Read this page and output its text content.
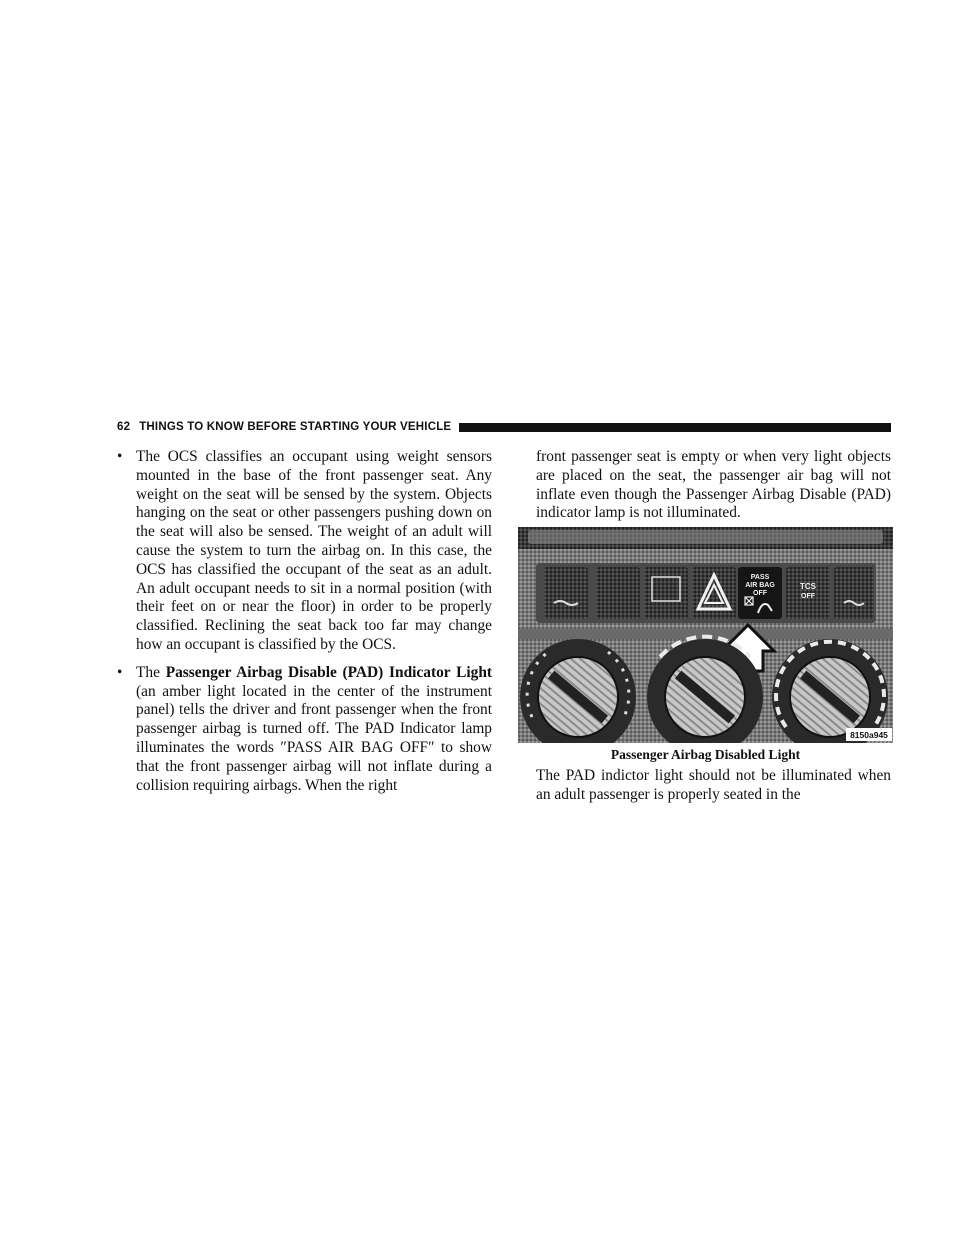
62 THINGS TO KNOW BEFORE STARTING YOUR VEHICLE
• The OCS classifies an occupant using weight sensors mounted in the base of the front passenger seat. Any weight on the seat will be sensed by the system. Objects hanging on the seat or other passengers pushing down on the seat will also be sensed. The weight of an adult will cause the system to turn the airbag on. In this case, the OCS has classified the occupant of the seat as an adult. An adult occupant needs to sit in a normal position (with their feet on or near the floor) in order to be properly classified. Reclining the seat back too far may change how an occupant is classified by the OCS.

• The Passenger Airbag Disable (PAD) Indicator Light (an amber light located in the center of the instrument panel) tells the driver and front passenger when the front passenger airbag is turned off. The PAD Indicator lamp illuminates the words ″PASS AIR BAG OFF″ to show that the front passenger airbag will not inflate during a collision requiring airbags. When the right

front passenger seat is empty or when very light objects are placed on the seat, the passenger air bag will not inflate even though the Passenger Airbag Disable (PAD) indicator lamp is not illuminated.
PASS
AIR BAG
OFF
TCS
OFF
8150a945
Passenger Airbag Disabled Light
The PAD indictor light should not be illuminated when an adult passenger is properly seated in the
